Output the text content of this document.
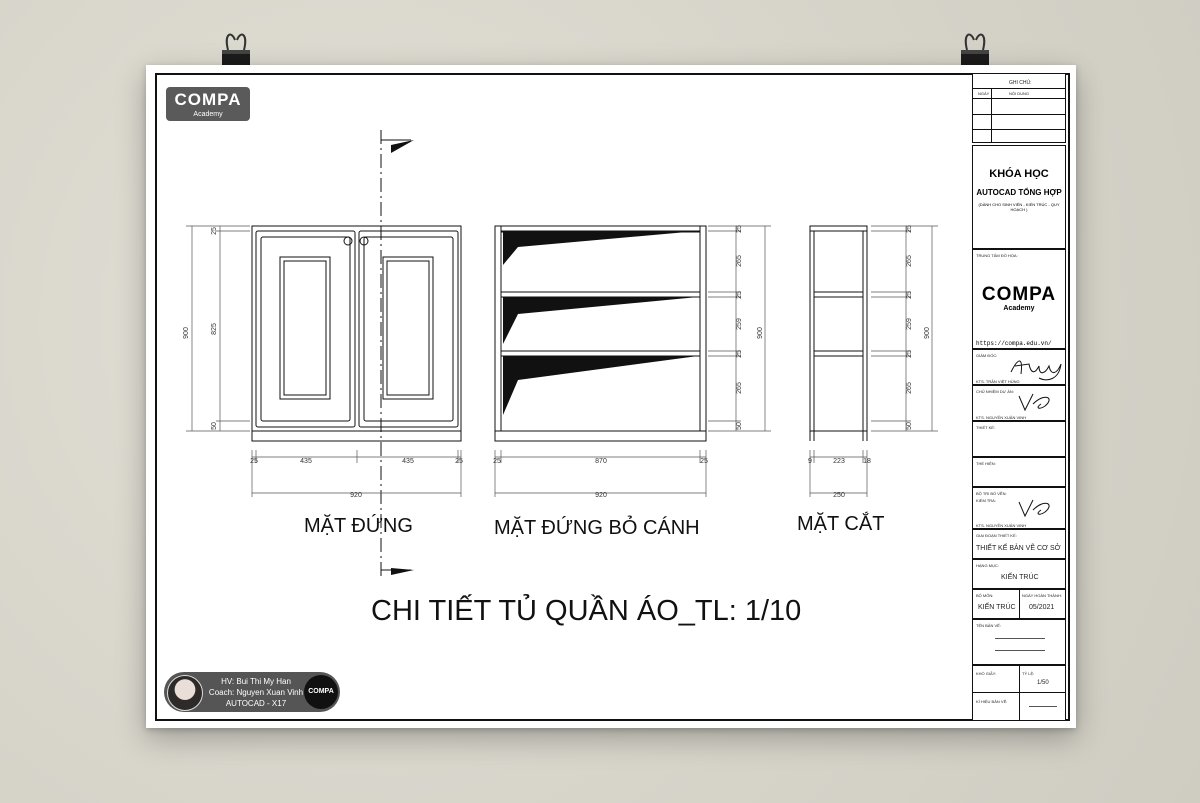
COMPA
Academy
900	825
25
50
25	435	435	25
920
900
265
259
265
25
25
25
50
25	870	25
920
900
265
259
265
25
25
25
50
9	223	18
250
MẶT ĐỨNG	MẶT ĐỨNG BỎ CÁNH	MẶT CẮT
CHI TIẾT TỦ QUẦN ÁO_TL: 1/10
HV: Bui Thi My Han
Coach: Nguyen Xuan Vinh
AUTOCAD - X17
COMPA
GHI CHÚ:
NGÀY	NỘI DUNG
KHÓA HỌC
AUTOCAD TỔNG HỢP
(DÀNH CHO SINH VIÊN - KIẾN TRÚC - QUY HOẠCH )
TRUNG TÂM ĐỒ HỌA:
COMPA
Academy
https://compa.edu.vn/
GIÁM ĐỐC:
KTS. TRẦN VIỆT HÙNG
CHỦ NHIỆM DỰ ÁN:
KTS. NGUYỄN XUÂN VINH
THIẾT KẾ:
THỂ HIỆN:
BỘ TRI BỐ VẼN:
KIỂM TRA:
KTS. NGUYỄN XUÂN VINH
GIAI ĐOẠN THIẾT KẾ:
THIẾT KẾ BẢN VẼ CƠ SỞ
HẠNG MỤC:
KIẾN TRÚC
BỘ MÔN:
KIẾN TRÚC
NGÀY HOÀN THÀNH:
05/2021
TÊN BẢN VẼ:
KHỔ GIẤY:	TỶ LỆ:
1/50
KÍ HIỆU BẢN VẼ:
